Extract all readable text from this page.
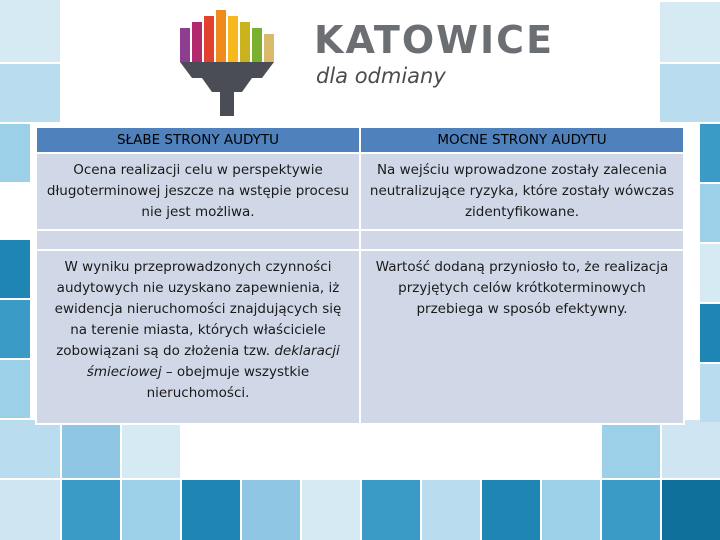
KATOWICE
dla odmiany
SŁABE STRONY AUDYTU	MOCNE STRONY AUDYTU
Ocena realizacji celu w perspektywie długoterminowej jeszcze na wstępie procesu nie jest możliwa.	Na wejściu wprowadzone zostały zalecenia neutralizujące ryzyka, które zostały wówczas zidentyfikowane.

W wyniku przeprowadzonych czynności audytowych nie uzyskano zapewnienia, iż ewidencja nieruchomości znajdujących się na terenie miasta, których właściciele zobowiązani są do złożenia tzw. deklaracji śmieciowej – obejmuje wszystkie nieruchomości.	Wartość dodaną przyniosło to, że realizacja przyjętych celów krótkoterminowych przebiega w sposób efektywny.
